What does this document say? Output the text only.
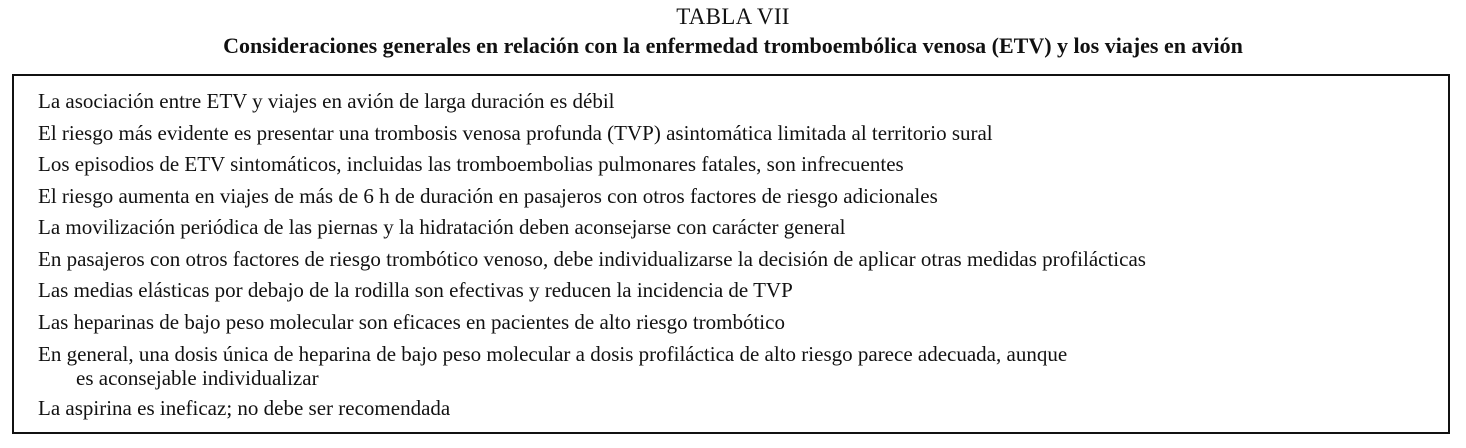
TABLA VII
Consideraciones generales en relación con la enfermedad tromboembólica venosa (ETV) y los viajes en avión
La asociación entre ETV y viajes en avión de larga duración es débil
El riesgo más evidente es presentar una trombosis venosa profunda (TVP) asintomática limitada al territorio sural
Los episodios de ETV sintomáticos, incluidas las tromboembolias pulmonares fatales, son infrecuentes
El riesgo aumenta en viajes de más de 6 h de duración en pasajeros con otros factores de riesgo adicionales
La movilización periódica de las piernas y la hidratación deben aconsejarse con carácter general
En pasajeros con otros factores de riesgo trombótico venoso, debe individualizarse la decisión de aplicar otras medidas profilácticas
Las medias elásticas por debajo de la rodilla son efectivas y reducen la incidencia de TVP
Las heparinas de bajo peso molecular son eficaces en pacientes de alto riesgo trombótico
En general, una dosis única de heparina de bajo peso molecular a dosis profiláctica de alto riesgo parece adecuada, aunque
es aconsejable individualizar
La aspirina es ineficaz; no debe ser recomendada
